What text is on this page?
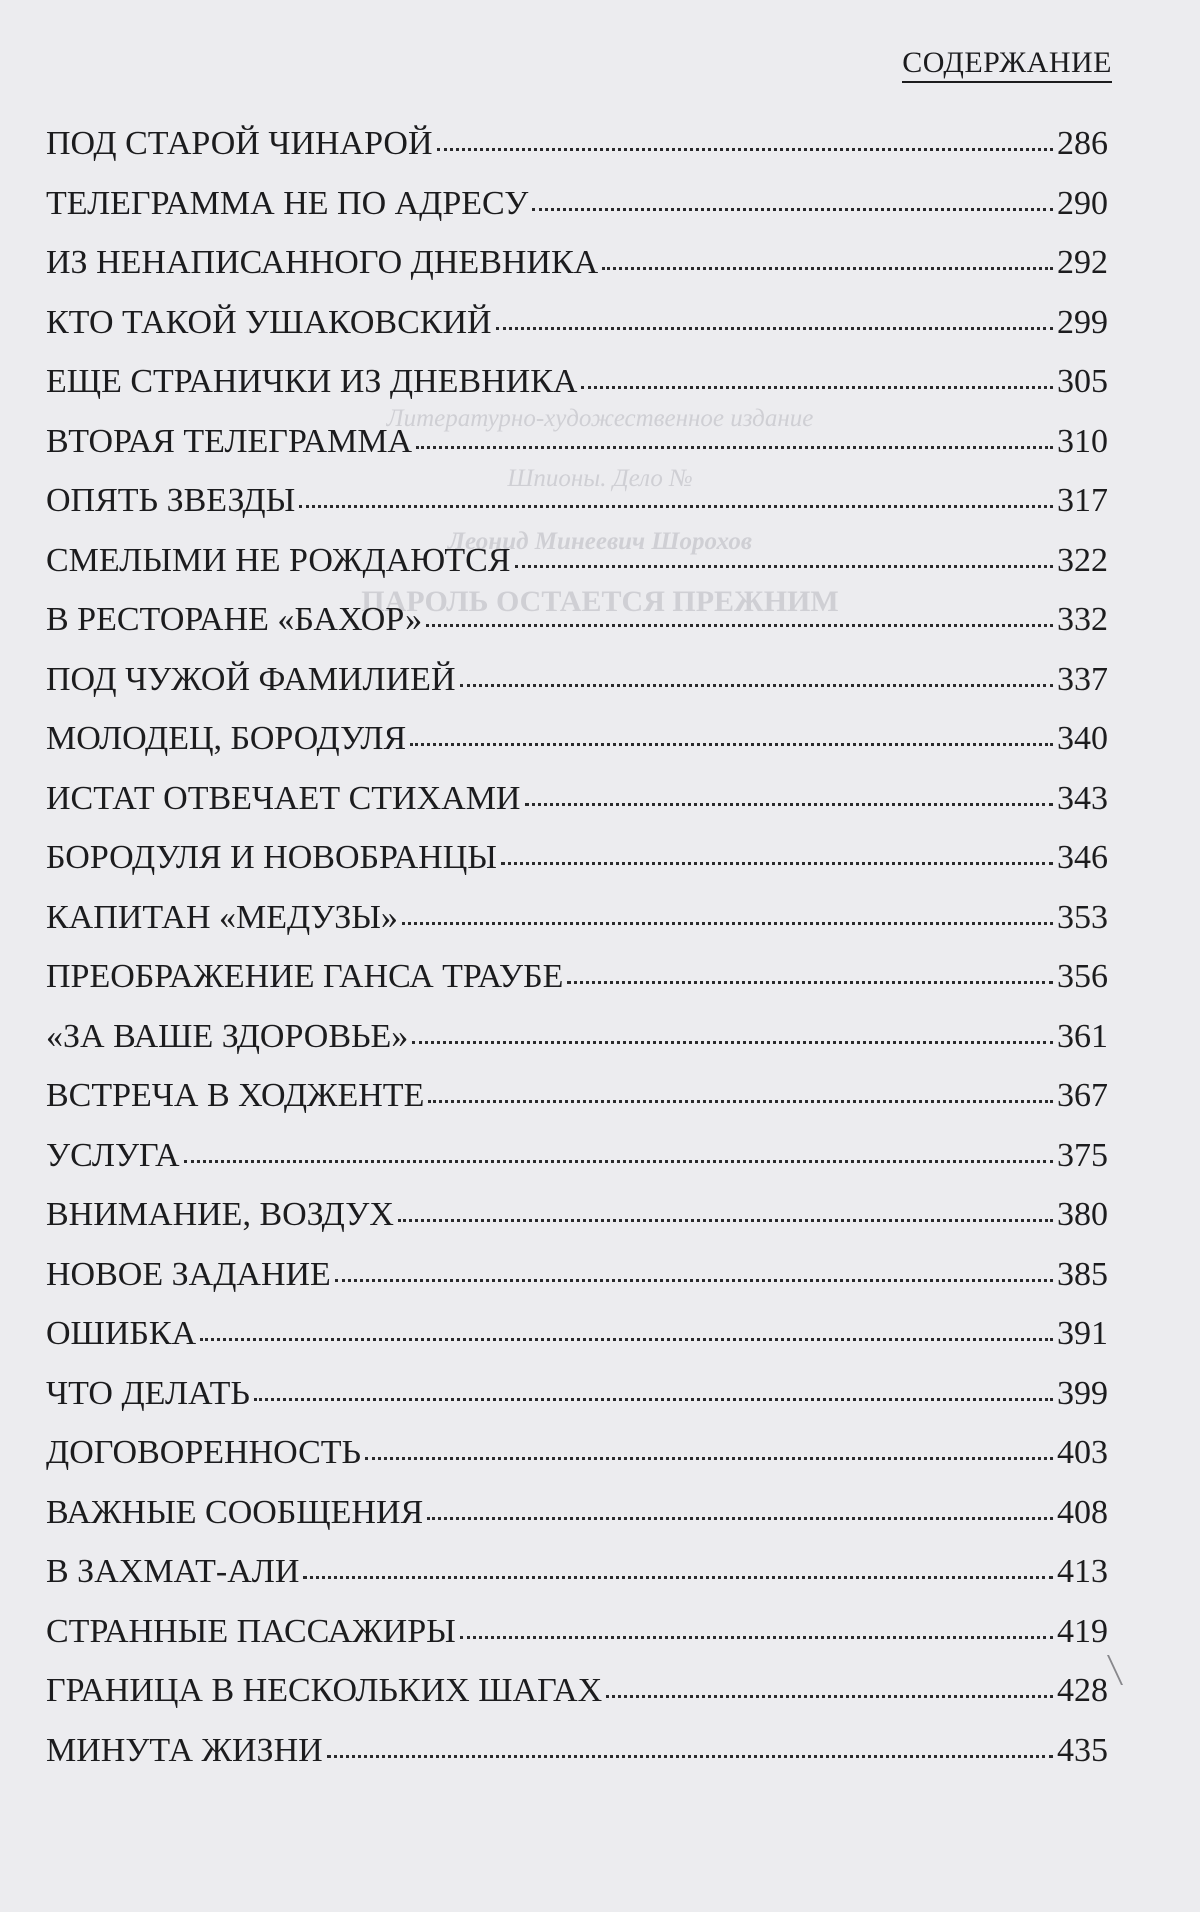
Литературно-художественное издание
Шпионы. Дело №
Леонид Минеевич Шорохов
ПАРОЛЬ ОСТАЕТСЯ ПРЕЖНИМ
СОДЕРЖАНИЕ
ПОД СТАРОЙ ЧИНАРОЙ	286
ТЕЛЕГРАММА НЕ ПО АДРЕСУ	290
ИЗ НЕНАПИСАННОГО ДНЕВНИКА	292
КТО ТАКОЙ УШАКОВСКИЙ	299
ЕЩЕ СТРАНИЧКИ ИЗ ДНЕВНИКА	305
ВТОРАЯ ТЕЛЕГРАММА	310
ОПЯТЬ ЗВЕЗДЫ	317
СМЕЛЫМИ НЕ РОЖДАЮТСЯ	322
В РЕСТОРАНЕ «БАХОР»	332
ПОД ЧУЖОЙ ФАМИЛИЕЙ	337
МОЛОДЕЦ, БОРОДУЛЯ	340
ИСТАТ ОТВЕЧАЕТ СТИХАМИ	343
БОРОДУЛЯ И НОВОБРАНЦЫ	346
КАПИТАН «МЕДУЗЫ»	353
ПРЕОБРАЖЕНИЕ ГАНСА ТРАУБЕ	356
«ЗА ВАШЕ ЗДОРОВЬЕ»	361
ВСТРЕЧА В ХОДЖЕНТЕ	367
УСЛУГА	375
ВНИМАНИЕ, ВОЗДУХ	380
НОВОЕ ЗАДАНИЕ	385
ОШИБКА	391
ЧТО ДЕЛАТЬ	399
ДОГОВОРЕННОСТЬ	403
ВАЖНЫЕ СООБЩЕНИЯ	408
В ЗАХМАТ-АЛИ	413
СТРАННЫЕ ПАССАЖИРЫ	419
ГРАНИЦА В НЕСКОЛЬКИХ ШАГАХ	428
МИНУТА ЖИЗНИ	435
